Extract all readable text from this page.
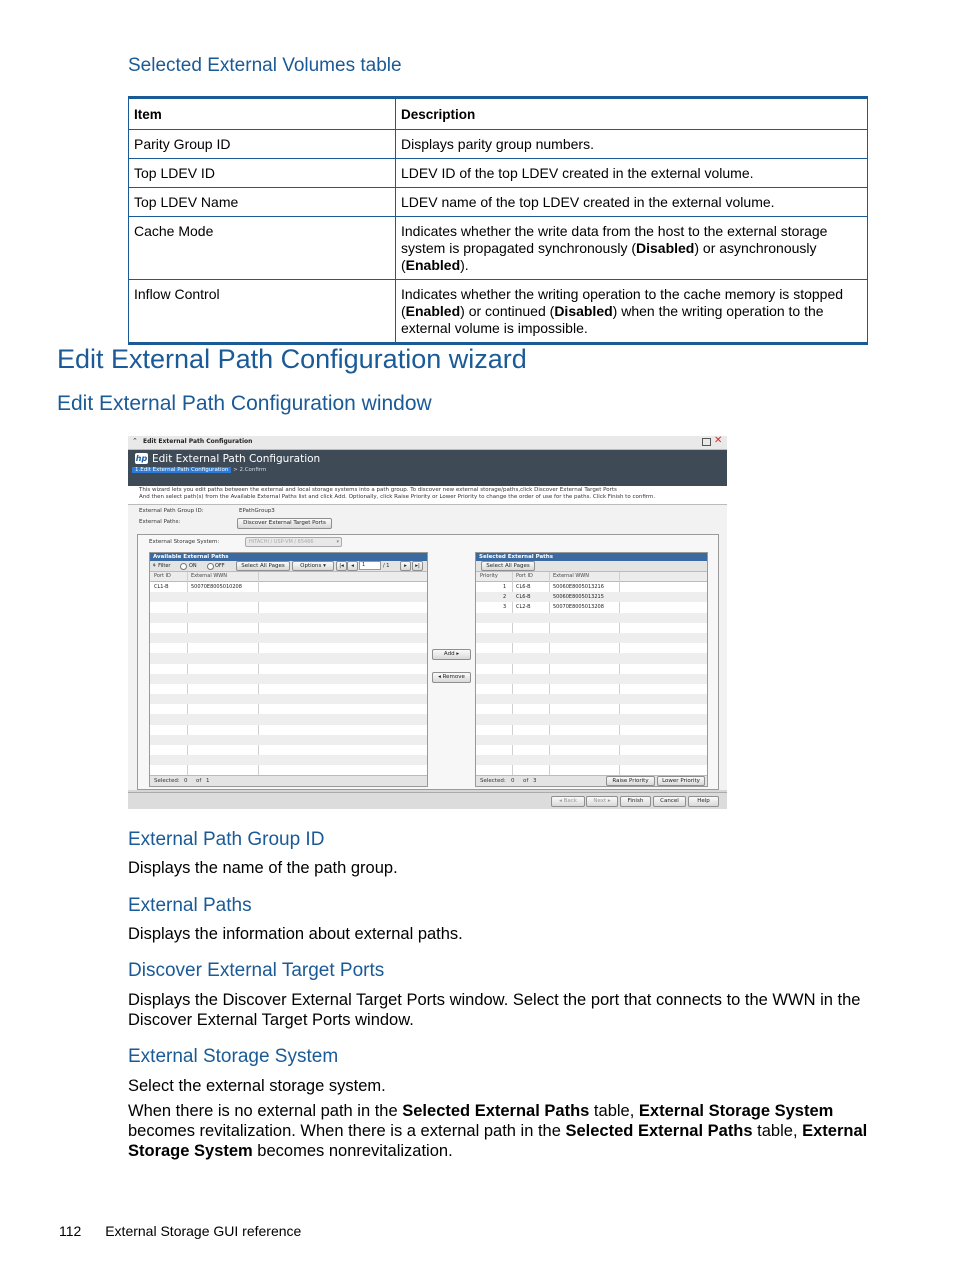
Selected External Volumes table
Item	Description
Parity Group ID	Displays parity group numbers.
Top LDEV ID	LDEV ID of the top LDEV created in the external volume.
Top LDEV Name	LDEV name of the top LDEV created in the external volume.
Cache Mode	Indicates whether the write data from the host to the external storage system is propagated synchronously (Disabled) or asynchronously (Enabled).
Inflow Control	Indicates whether the writing operation to the cache memory is stopped (Enabled) or continued (Disabled) when the writing operation to the external volume is impossible.
Edit External Path Configuration wizard
Edit External Path Configuration window
⌃ Edit External Path Configuration	✕
hp Edit External Path Configuration
1.Edit External Path Configuration > 2.Confirm

This wizard lets you edit paths between the external and local storage systems into a path group. To discover new external storage/paths,click Discover External Target Ports

And then select path(s) from the Available External Paths list and click Add. Optionally, click Raise Priority or Lower Priority to change the order of use for the paths. Click Finish to confirm.

External Path Group ID:	EPathGroup3
External Paths:	Discover External Target Ports
External Storage System:	HITACHI / USP-VM / 65466	▾
Available External Paths
⚘ Filter	ON	OFF	Select All Pages	Options ▾	|◂	◂	1	/ 1	▸	▸|
Port ID	External WWN
CL1-B	50070E8005010208
Selected: 0 of 1
Add ▸
◂ Remove
Selected External Paths
Select All Pages
Priority	Port ID	External WWN
1 CL6-B	50060E8005013216
2 CL6-B	50060E8005013215
3 CL2-B	50070E8005013208
Selected: 0 of 3	Raise Priority	Lower Priority
◂ Back	Next ▸	Finish	Cancel	Help
External Path Group ID

Displays the name of the path group.

External Paths

Displays the information about external paths.

Discover External Target Ports

Displays the Discover External Target Ports window. Select the port that connects to the WWN in the Discover External Target Ports window.

External Storage System

Select the external storage system.

When there is no external path in the Selected External Paths table, External Storage System becomes revitalization. When there is a external path in the Selected External Paths table, External Storage System becomes nonrevitalization.

112 External Storage GUI reference
